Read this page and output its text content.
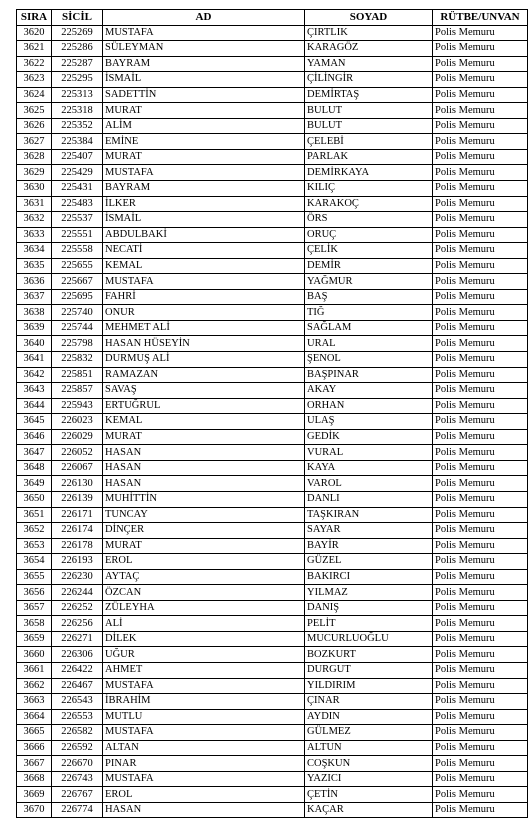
SIRA	SİCİL	AD	SOYAD	RÜTBE/UNVAN
3620	225269	MUSTAFA	ÇIRTLIK	Polis Memuru
3621	225286	SÜLEYMAN	KARAGÖZ	Polis Memuru
3622	225287	BAYRAM	YAMAN	Polis Memuru
3623	225295	İSMAİL	ÇİLİNGİR	Polis Memuru
3624	225313	SADETTİN	DEMİRTAŞ	Polis Memuru
3625	225318	MURAT	BULUT	Polis Memuru
3626	225352	ALİM	BULUT	Polis Memuru
3627	225384	EMİNE	ÇELEBİ	Polis Memuru
3628	225407	MURAT	PARLAK	Polis Memuru
3629	225429	MUSTAFA	DEMİRKAYA	Polis Memuru
3630	225431	BAYRAM	KILIÇ	Polis Memuru
3631	225483	İLKER	KARAKOÇ	Polis Memuru
3632	225537	İSMAİL	ÖRS	Polis Memuru
3633	225551	ABDULBAKİ	ORUÇ	Polis Memuru
3634	225558	NECATİ	ÇELİK	Polis Memuru
3635	225655	KEMAL	DEMİR	Polis Memuru
3636	225667	MUSTAFA	YAĞMUR	Polis Memuru
3637	225695	FAHRİ	BAŞ	Polis Memuru
3638	225740	ONUR	TIĞ	Polis Memuru
3639	225744	MEHMET ALİ	SAĞLAM	Polis Memuru
3640	225798	HASAN HÜSEYİN	URAL	Polis Memuru
3641	225832	DURMUŞ ALİ	ŞENOL	Polis Memuru
3642	225851	RAMAZAN	BAŞPINAR	Polis Memuru
3643	225857	SAVAŞ	AKAY	Polis Memuru
3644	225943	ERTUĞRUL	ORHAN	Polis Memuru
3645	226023	KEMAL	ULAŞ	Polis Memuru
3646	226029	MURAT	GEDİK	Polis Memuru
3647	226052	HASAN	VURAL	Polis Memuru
3648	226067	HASAN	KAYA	Polis Memuru
3649	226130	HASAN	VAROL	Polis Memuru
3650	226139	MUHİTTİN	DANLI	Polis Memuru
3651	226171	TUNCAY	TAŞKIRAN	Polis Memuru
3652	226174	DİNÇER	SAYAR	Polis Memuru
3653	226178	MURAT	BAYİR	Polis Memuru
3654	226193	EROL	GÜZEL	Polis Memuru
3655	226230	AYTAÇ	BAKIRCI	Polis Memuru
3656	226244	ÖZCAN	YILMAZ	Polis Memuru
3657	226252	ZÜLEYHA	DANIŞ	Polis Memuru
3658	226256	ALİ	PELİT	Polis Memuru
3659	226271	DİLEK	MUCURLUOĞLU	Polis Memuru
3660	226306	UĞUR	BOZKURT	Polis Memuru
3661	226422	AHMET	DURGUT	Polis Memuru
3662	226467	MUSTAFA	YILDIRIM	Polis Memuru
3663	226543	İBRAHİM	ÇINAR	Polis Memuru
3664	226553	MUTLU	AYDIN	Polis Memuru
3665	226582	MUSTAFA	GÜLMEZ	Polis Memuru
3666	226592	ALTAN	ALTUN	Polis Memuru
3667	226670	PINAR	COŞKUN	Polis Memuru
3668	226743	MUSTAFA	YAZICI	Polis Memuru
3669	226767	EROL	ÇETİN	Polis Memuru
3670	226774	HASAN	KAÇAR	Polis Memuru
